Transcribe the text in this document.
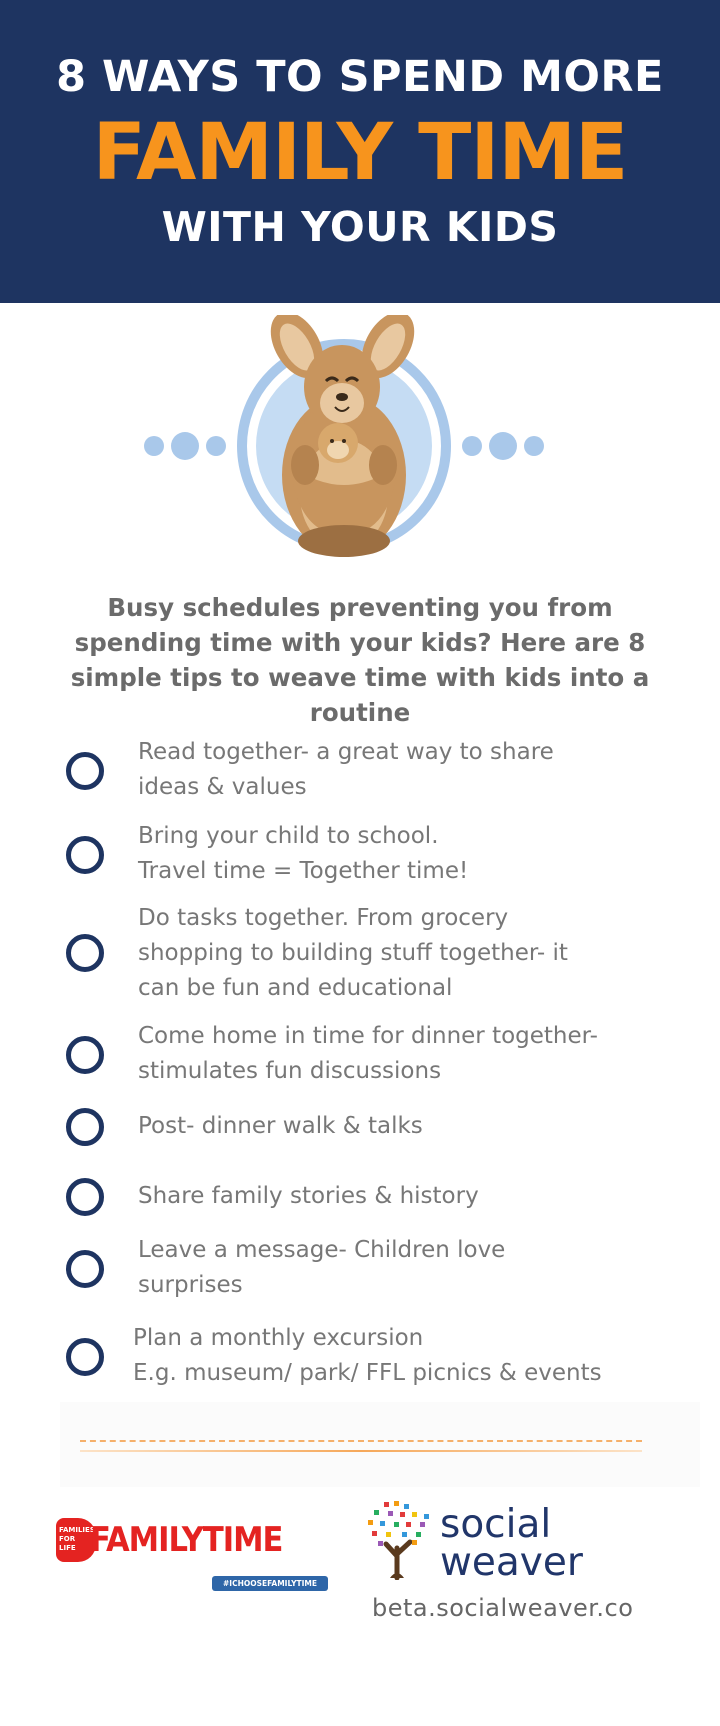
8 WAYS TO SPEND MORE
FAMILY TIME
WITH YOUR KIDS
Busy schedules preventing you from spending time with your kids? Here are 8 simple tips to weave time with kids into a routine
Read together- a great way to share
ideas & values
Bring your child to school.
Travel time = Together time!
Do tasks together. From grocery
shopping to building stuff together- it
can be fun and educational
Come home in time for dinner together-
stimulates fun discussions
Post- dinner walk & talks
Share family stories & history
Leave a message- Children love
surprises
Plan a monthly excursion
E.g. museum/ park/ FFL picnics & events
FAMILIES FOR LIFE FAMILYTIME
#ICHOOSEFAMILYTIME
social
weaver
beta.socialweaver.co
